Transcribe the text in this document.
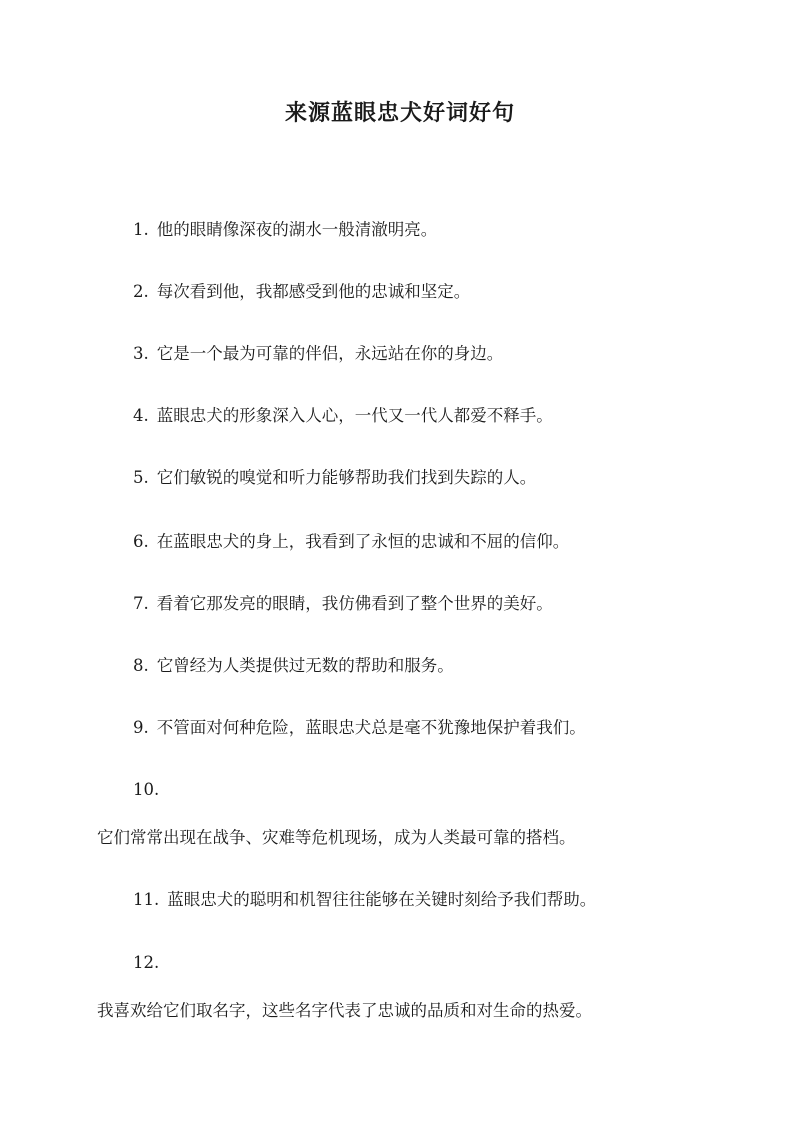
来源蓝眼忠犬好词好句
1. 他的眼睛像深夜的湖水一般清澈明亮。
2. 每次看到他，我都感受到他的忠诚和坚定。
3. 它是一个最为可靠的伴侣，永远站在你的身边。
4. 蓝眼忠犬的形象深入人心，一代又一代人都爱不释手。
5. 它们敏锐的嗅觉和听力能够帮助我们找到失踪的人。
6. 在蓝眼忠犬的身上，我看到了永恒的忠诚和不屈的信仰。
7. 看着它那发亮的眼睛，我仿佛看到了整个世界的美好。
8. 它曾经为人类提供过无数的帮助和服务。
9. 不管面对何种危险，蓝眼忠犬总是毫不犹豫地保护着我们。
10.
它们常常出现在战争、灾难等危机现场，成为人类最可靠的搭档。
11. 蓝眼忠犬的聪明和机智往往能够在关键时刻给予我们帮助。
12.
我喜欢给它们取名字，这些名字代表了忠诚的品质和对生命的热爱。
